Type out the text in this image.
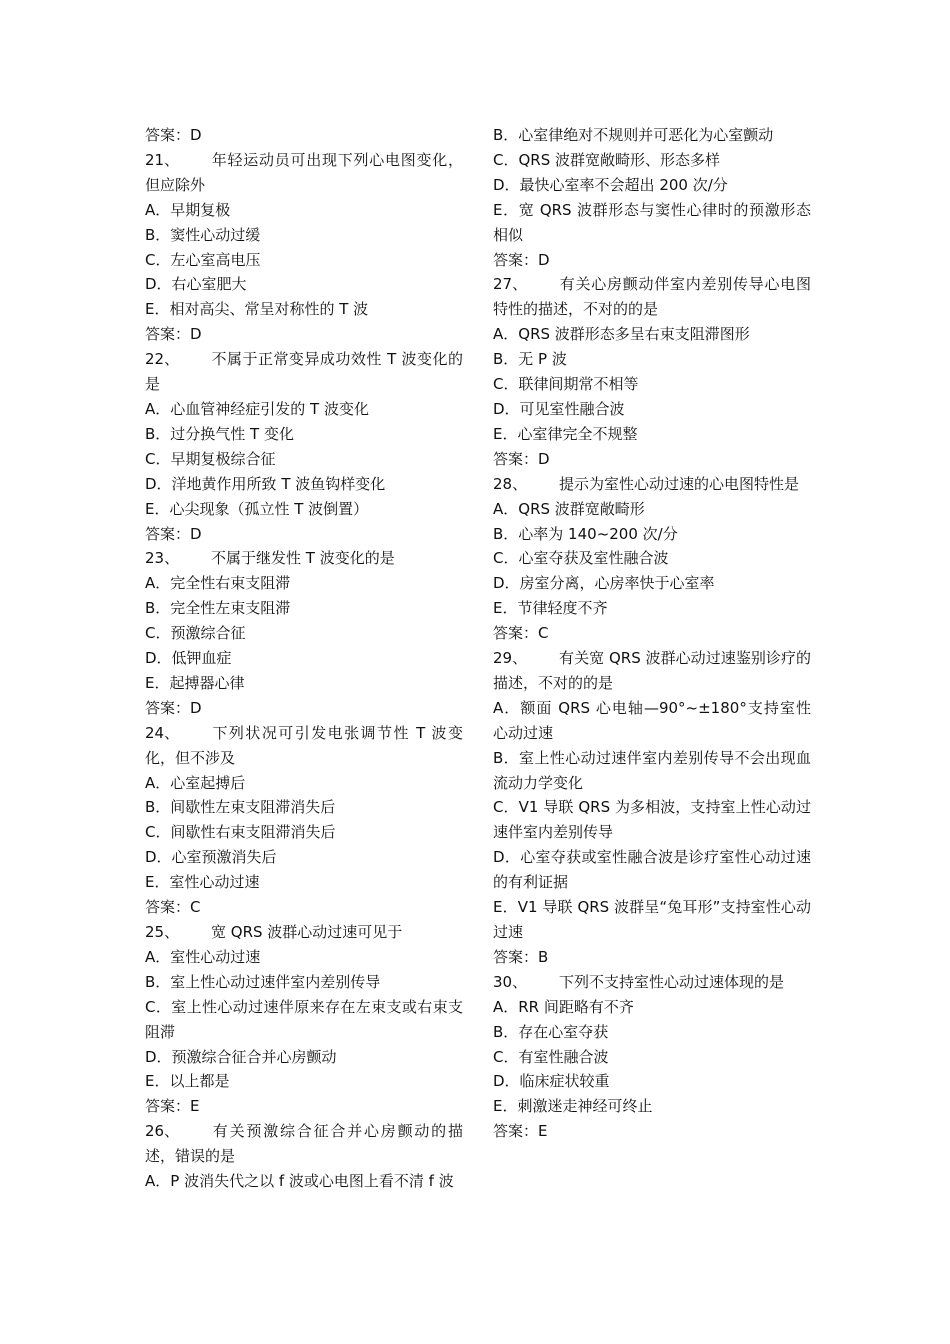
答案：D

21、 年轻运动员可出现下列心电图变化，但应除外

A．早期复极

B．窦性心动过缓

C．左心室高电压

D．右心室肥大

E．相对高尖、常呈对称性的 T 波

答案：D

22、 不属于正常变异成功效性 T 波变化的是

A．心血管神经症引发的 T 波变化

B．过分换气性 T 变化

C．早期复极综合征

D．洋地黄作用所致 T 波鱼钩样变化

E．心尖现象（孤立性 T 波倒置）

答案：D

23、 不属于继发性 T 波变化的是

A．完全性右束支阻滞

B．完全性左束支阻滞

C．预激综合征

D．低钾血症

E．起搏器心律

答案：D

24、 下列状况可引发电张调节性 T 波变化，但不涉及

A．心室起搏后

B．间歇性左束支阻滞消失后

C．间歇性右束支阻滞消失后

D．心室预激消失后

E．室性心动过速

答案：C

25、 宽 QRS 波群心动过速可见于

A．室性心动过速

B．室上性心动过速伴室内差别传导

C．室上性心动过速伴原来存在左束支或右束支阻滞

D．预激综合征合并心房颤动

E．以上都是

答案：E

26、 有关预激综合征合并心房颤动的描述，错误的是

A．P 波消失代之以 f 波或心电图上看不清 f 波

B．心室律绝对不规则并可恶化为心室颤动

C．QRS 波群宽敞畸形、形态多样

D．最快心室率不会超出 200 次/分

E．宽 QRS 波群形态与窦性心律时的预激形态相似

答案：D

27、 有关心房颤动伴室内差别传导心电图特性的描述，不对的的是

A．QRS 波群形态多呈右束支阻滞图形

B．无 P 波

C．联律间期常不相等

D．可见室性融合波

E．心室律完全不规整

答案：D

28、 提示为室性心动过速的心电图特性是

A．QRS 波群宽敞畸形

B．心率为 140~200 次/分

C．心室夺获及室性融合波

D．房室分离，心房率快于心室率

E．节律轻度不齐

答案：C

29、 有关宽 QRS 波群心动过速鉴别诊疗的描述，不对的的是

A．额面 QRS 心电轴—90°~±180°支持室性心动过速

B．室上性心动过速伴室内差别传导不会出现血流动力学变化

C．V1 导联 QRS 为多相波，支持室上性心动过速伴室内差别传导

D．心室夺获或室性融合波是诊疗室性心动过速的有利证据

E．V1 导联 QRS 波群呈“兔耳形”支持室性心动过速

答案：B

30、 下列不支持室性心动过速体现的是

A．RR 间距略有不齐

B．存在心室夺获

C．有室性融合波

D．临床症状较重

E．刺激迷走神经可终止

答案：E
